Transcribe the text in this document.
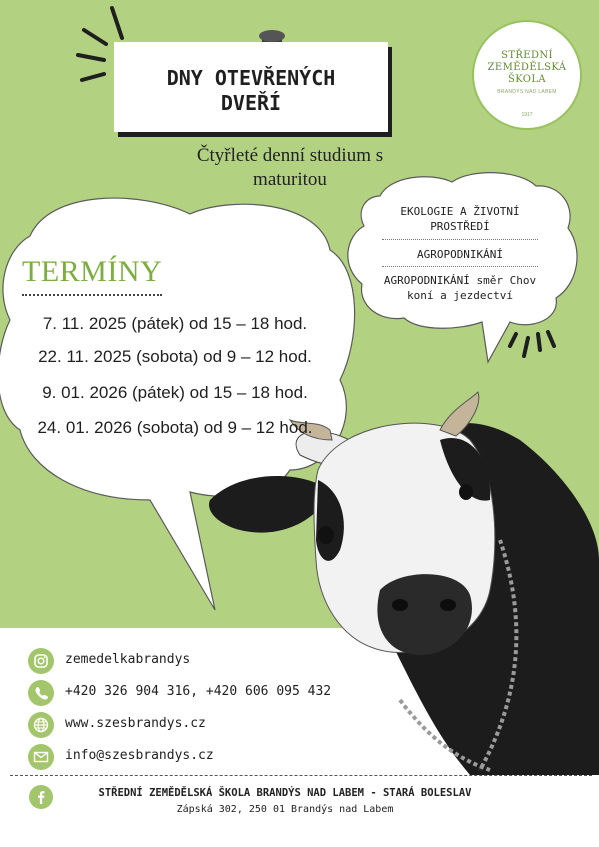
DNY OTEVŘENÝCH
DVEŘÍ
Čtyřleté denní studium s
maturitou
STŘEDNÍ
ZEMĚDĚLSKÁ
ŠKOLA
BRANDÝS NAD LABEM
1917
EKOLOGIE A ŽIVOTNÍ
PROSTŘEDÍ
AGROPODNIKÁNÍ
AGROPODNIKÁNÍ směr Chov
koní a jezdectví
TERMÍNY
7. 11. 2025 (pátek) od 15 – 18 hod.
22. 11. 2025 (sobota) od 9 – 12 hod.
9. 01. 2026 (pátek) od 15 – 18 hod.
24. 01. 2026 (sobota) od 9 – 12 hod.
zemedelkabrandys
+420 326 904 316, +420 606 095 432
www.szesbrandys.cz
info@szesbrandys.cz
STŘEDNÍ ZEMĚDĚLSKÁ ŠKOLA BRANDÝS NAD LABEM - STARÁ BOLESLAV
Zápská 302, 250 01 Brandýs nad Labem
